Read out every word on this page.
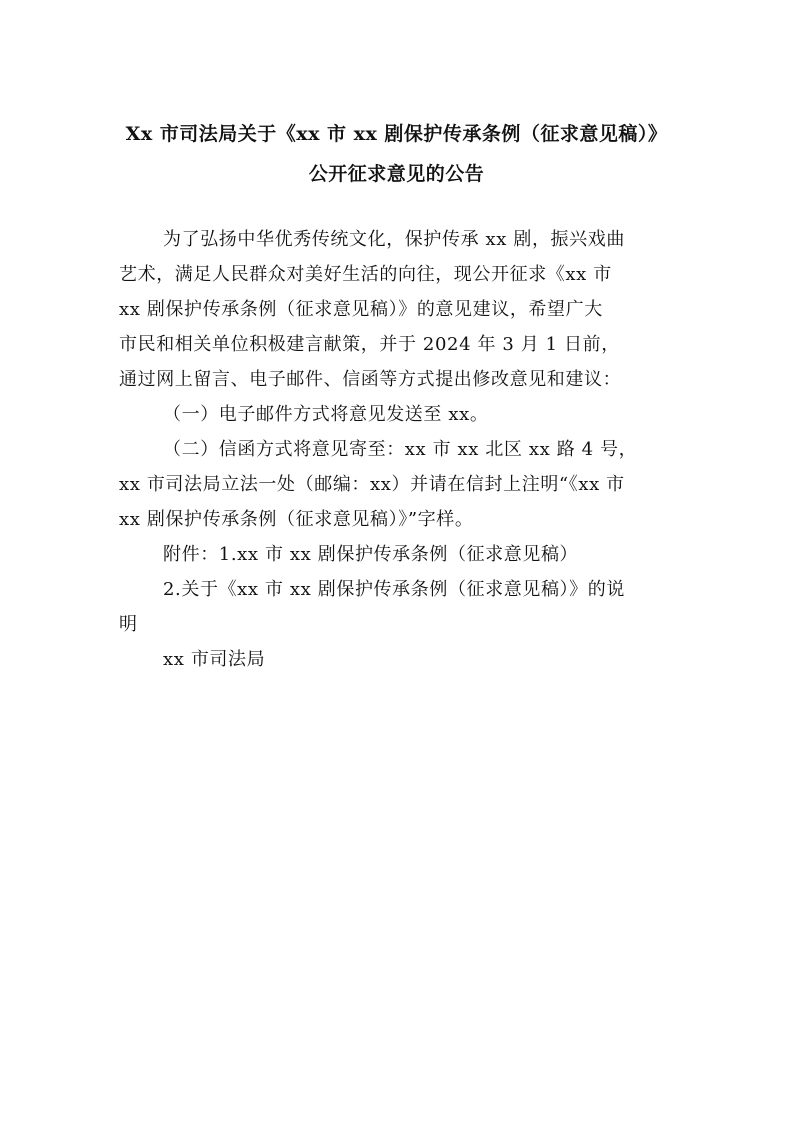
Xx 市司法局关于《xx 市 xx 剧保护传承条例（征求意见稿）》
公开征求意见的公告
为了弘扬中华优秀传统文化，保护传承 xx 剧，振兴戏曲
艺术，满足人民群众对美好生活的向往，现公开征求《xx 市
xx 剧保护传承条例（征求意见稿）》的意见建议，希望广大
市民和相关单位积极建言献策，并于 2024 年 3 月 1 日前，
通过网上留言、电子邮件、信函等方式提出修改意见和建议：
（一）电子邮件方式将意见发送至 xx。
（二）信函方式将意见寄至：xx 市 xx 北区 xx 路 4 号，
xx 市司法局立法一处（邮编：xx）并请在信封上注明“《xx 市
xx 剧保护传承条例（征求意见稿）》”字样。
附件：1.xx 市 xx 剧保护传承条例（征求意见稿）
2.关于《xx 市 xx 剧保护传承条例（征求意见稿）》的说
明
xx 市司法局
